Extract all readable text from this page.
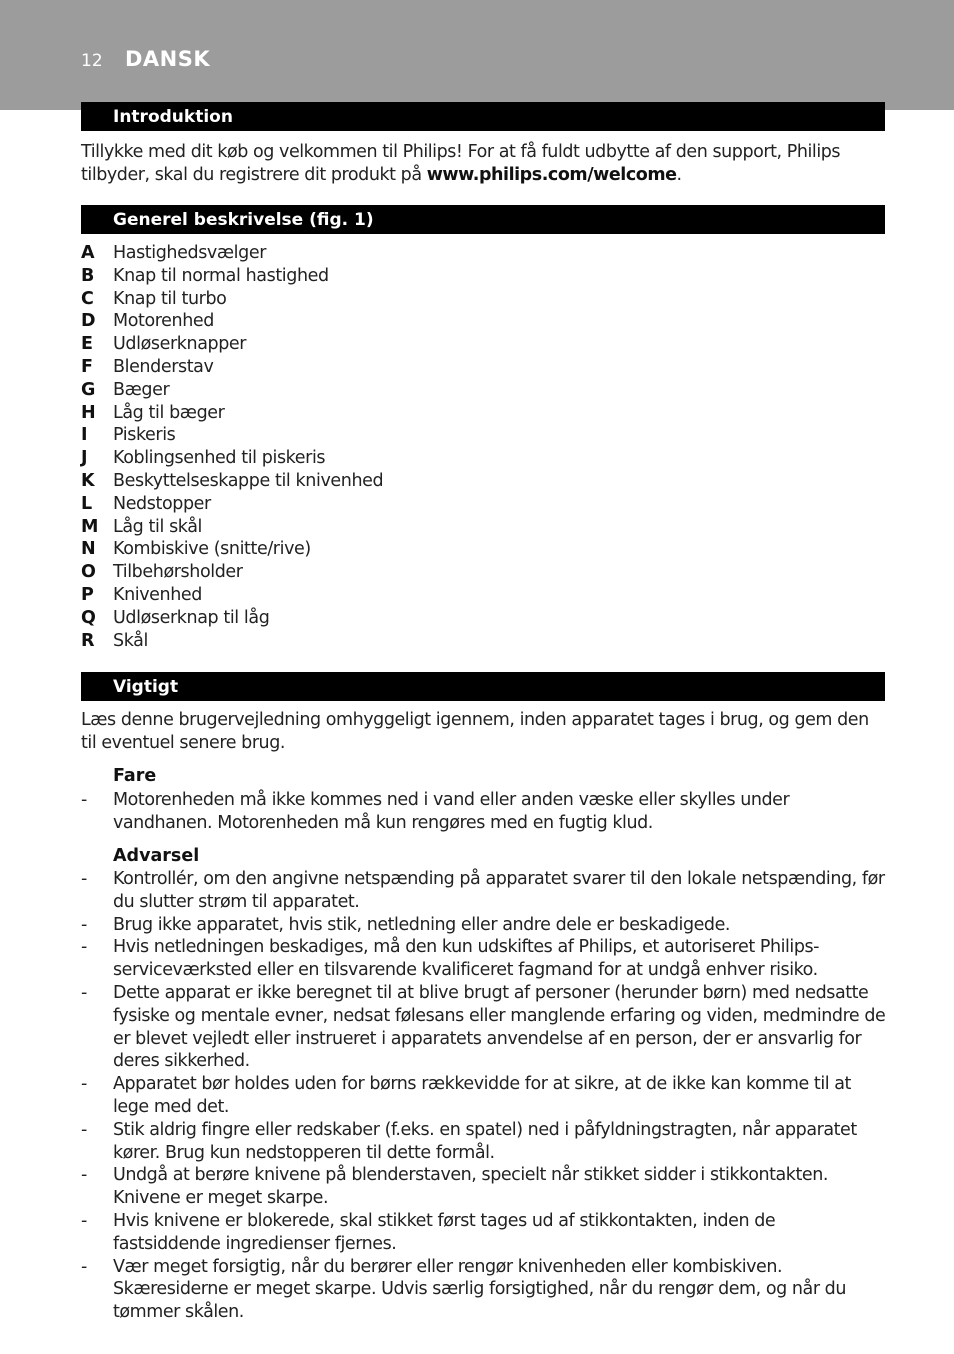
12 DANSK
Introduktion
Tillykke med dit køb og velkommen til Philips! For at få fuldt udbytte af den support, Philips tilbyder, skal du registrere dit produkt på www.philips.com/welcome.
Generel beskrivelse (fig. 1)
A Hastighedsvælger
B Knap til normal hastighed
C Knap til turbo
D Motorenhed
E Udløserknapper
F Blenderstav
G Bæger
H Låg til bæger
I Piskeris
J Koblingsenhed til piskeris
K Beskyttelseskappe til knivenhed
L Nedstopper
M Låg til skål
N Kombiskive (snitte/rive)
O Tilbehørsholder
P Knivenhed
Q Udløserknap til låg
R Skål
Vigtigt
Læs denne brugervejledning omhyggeligt igennem, inden apparatet tages i brug, og gem den til eventuel senere brug.
Fare
- Motorenheden må ikke kommes ned i vand eller anden væske eller skylles under vandhanen. Motorenheden må kun rengøres med en fugtig klud.
Advarsel
- Kontrollér, om den angivne netspænding på apparatet svarer til den lokale netspænding, før du slutter strøm til apparatet.
- Brug ikke apparatet, hvis stik, netledning eller andre dele er beskadigede.
- Hvis netledningen beskadiges, må den kun udskiftes af Philips, et autoriseret Philips-serviceværksted eller en tilsvarende kvalificeret fagmand for at undgå enhver risiko.
- Dette apparat er ikke beregnet til at blive brugt af personer (herunder børn) med nedsatte fysiske og mentale evner, nedsat følesans eller manglende erfaring og viden, medmindre de er blevet vejledt eller instrueret i apparatets anvendelse af en person, der er ansvarlig for deres sikkerhed.
- Apparatet bør holdes uden for børns rækkevidde for at sikre, at de ikke kan komme til at lege med det.
- Stik aldrig fingre eller redskaber (f.eks. en spatel) ned i påfyldningstragten, når apparatet kører. Brug kun nedstopperen til dette formål.
- Undgå at berøre knivene på blenderstaven, specielt når stikket sidder i stikkontakten. Knivene er meget skarpe.
- Hvis knivene er blokerede, skal stikket først tages ud af stikkontakten, inden de fastsiddende ingredienser fjernes.
- Vær meget forsigtig, når du berører eller rengør knivenheden eller kombiskiven. Skæresiderne er meget skarpe. Udvis særlig forsigtighed, når du rengør dem, og når du tømmer skålen.
